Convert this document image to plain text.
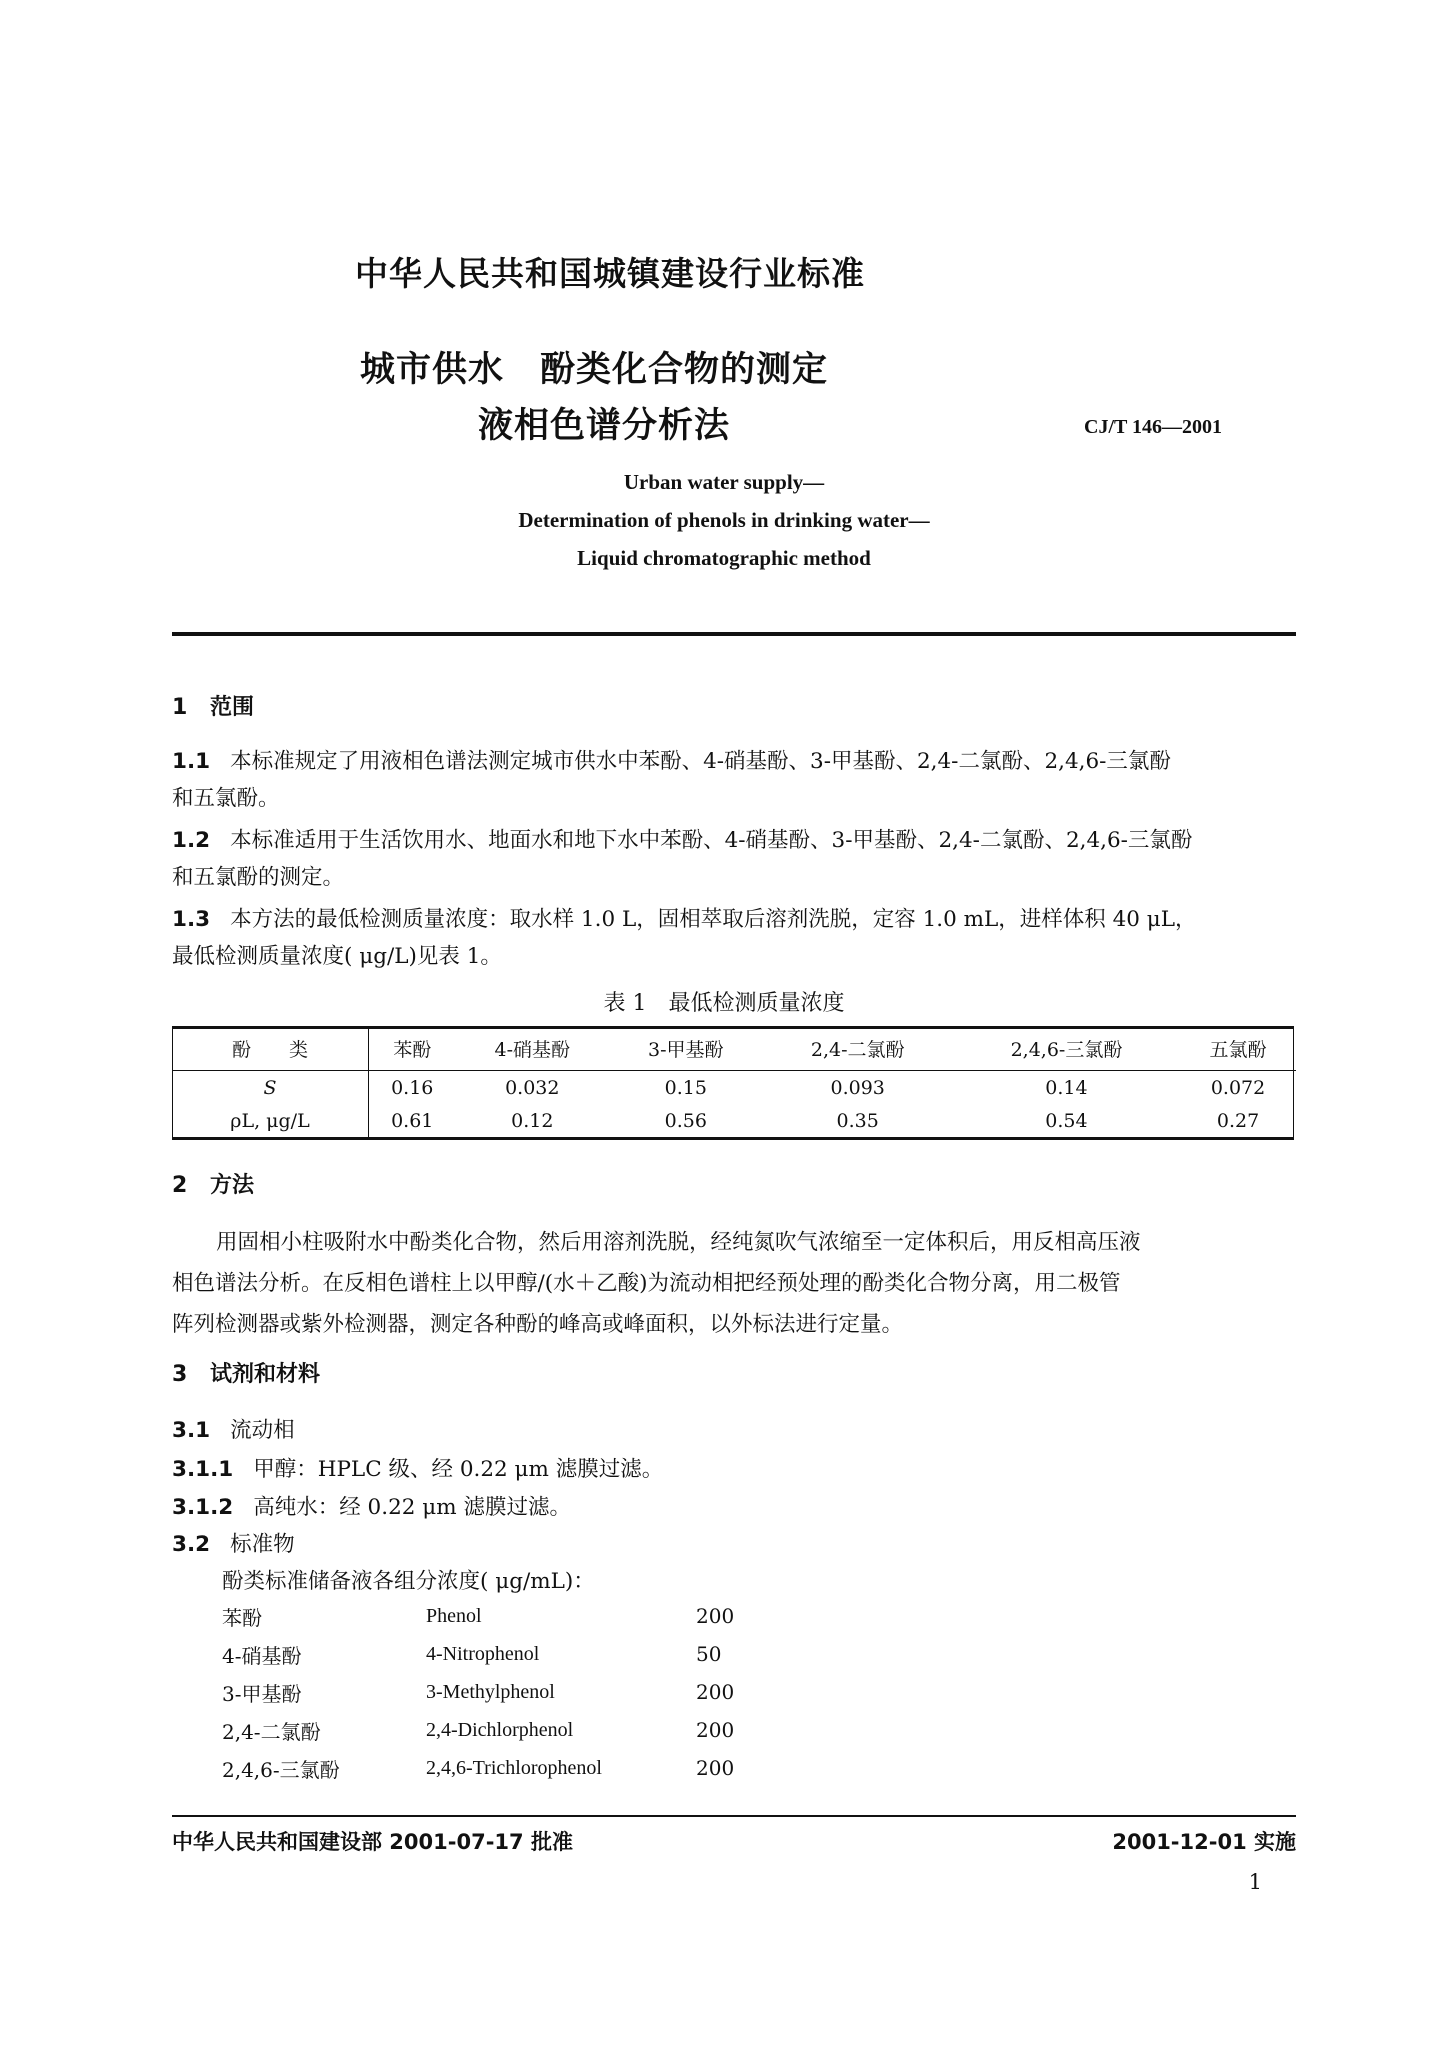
中华人民共和国城镇建设行业标准
城市供水　酚类化合物的测定
液相色谱分析法	CJ/T 146—2001
Urban water supply—
Determination of phenols in drinking water—
Liquid chromatographic method
1 范围
1.1 本标准规定了用液相色谱法测定城市供水中苯酚、4-硝基酚、3-甲基酚、2,4-二氯酚、2,4,6-三氯酚
和五氯酚。
1.2 本标准适用于生活饮用水、地面水和地下水中苯酚、4-硝基酚、3-甲基酚、2,4-二氯酚、2,4,6-三氯酚
和五氯酚的测定。
1.3 本方法的最低检测质量浓度：取水样 1.0 L，固相萃取后溶剂洗脱，定容 1.0 mL，进样体积 40 μL，
最低检测质量浓度( μg/L)见表 1。
表 1　最低检测质量浓度
酚　　类	苯酚	4-硝基酚	3-甲基酚	2,4-二氯酚	2,4,6-三氯酚	五氯酚
S	0.16	0.032	0.15	0.093	0.14	0.072
ρL, μg/L	0.61	0.12	0.56	0.35	0.54	0.27
2 方法
用固相小柱吸附水中酚类化合物，然后用溶剂洗脱，经纯氮吹气浓缩至一定体积后，用反相高压液
相色谱法分析。在反相色谱柱上以甲醇/(水＋乙酸)为流动相把经预处理的酚类化合物分离，用二极管
阵列检测器或紫外检测器，测定各种酚的峰高或峰面积，以外标法进行定量。
3 试剂和材料
3.1 流动相
3.1.1 甲醇：HPLC 级、经 0.22 μm 滤膜过滤。
3.1.2 高纯水：经 0.22 μm 滤膜过滤。
3.2 标准物
酚类标准储备液各组分浓度( μg/mL)：
苯酚	Phenol	200
4-硝基酚	4-Nitrophenol	50
3-甲基酚	3-Methylphenol	200
2,4-二氯酚	2,4-Dichlorphenol	200
2,4,6-三氯酚	2,4,6-Trichlorophenol	200
中华人民共和国建设部 2001-07-17 批准	2001-12-01 实施
1
